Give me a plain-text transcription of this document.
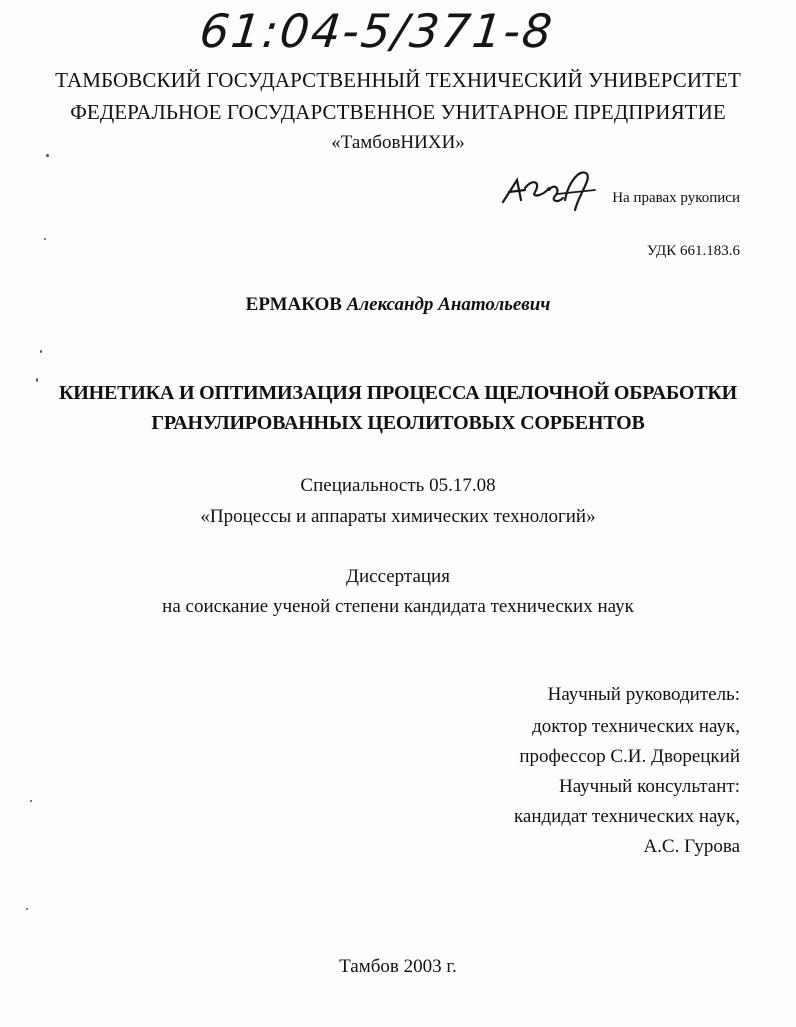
61:04-5/371-8
ТАМБОВСКИЙ ГОСУДАРСТВЕННЫЙ ТЕХНИЧЕСКИЙ УНИВЕРСИТЕТ
ФЕДЕРАЛЬНОЕ ГОСУДАРСТВЕННОЕ УНИТАРНОЕ ПРЕДПРИЯТИЕ
«ТамбовНИХИ»
На правах рукописи
УДК 661.183.6
ЕРМАКОВ Александр Анатольевич
КИНЕТИКА И ОПТИМИЗАЦИЯ ПРОЦЕССА ЩЕЛОЧНОЙ ОБРАБОТКИ
ГРАНУЛИРОВАННЫХ ЦЕОЛИТОВЫХ СОРБЕНТОВ
Специальность 05.17.08
«Процессы и аппараты химических технологий»
Диссертация
на соискание ученой степени кандидата технических наук
Научный руководитель:
доктор технических наук,
профессор С.И. Дворецкий
Научный консультант:
кандидат технических наук,
А.С. Гурова
Тамбов 2003 г.
